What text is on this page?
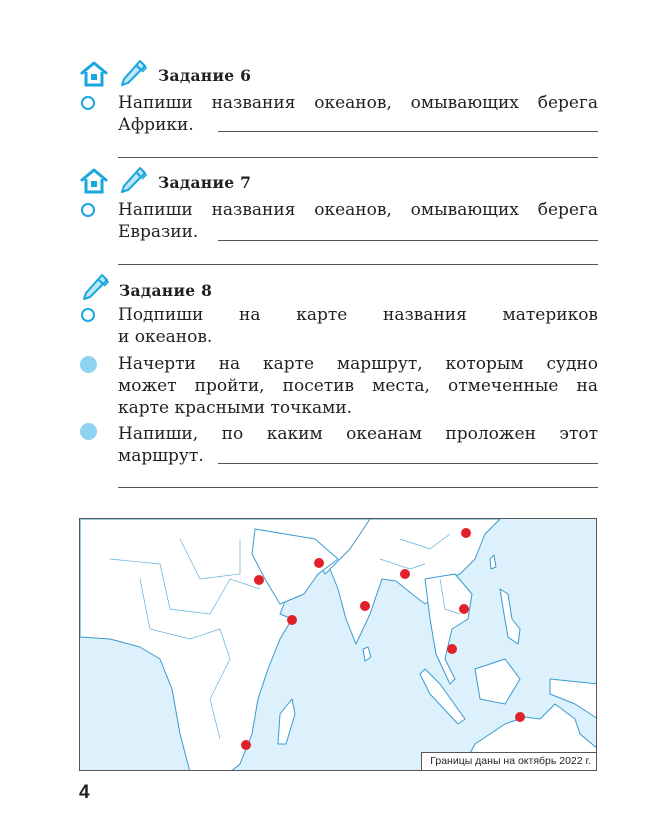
Задание 6
Напиши названия океанов, омывающих берега
Африки.
Задание 7
Напиши названия океанов, омывающих берега
Евразии.
Задание 8
Подпиши на карте названия материков
и океанов.
Начерти на карте маршрут, которым судно
может пройти, посетив места, отмеченные на
карте красными точками.
Напиши, по каким океанам проложен этот
маршрут.
Границы даны на октябрь 2022 г.
4
